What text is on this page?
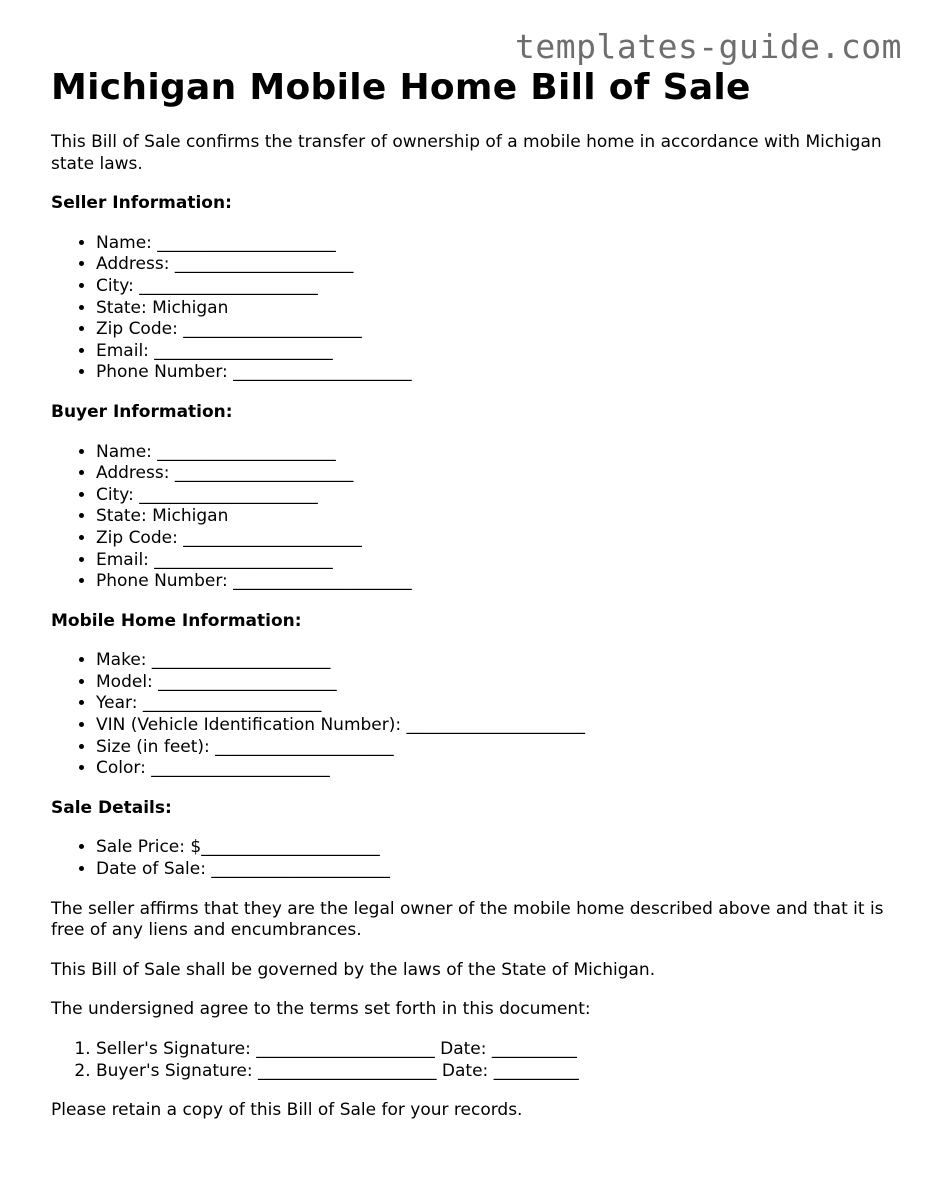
templates-guide.com
Michigan Mobile Home Bill of Sale

This Bill of Sale confirms the transfer of ownership of a mobile home in accordance with Michigan state laws.

Seller Information:
• Name: _____________________
• Address: _____________________
• City: _____________________
• State: Michigan
• Zip Code: _____________________
• Email: _____________________
• Phone Number: _____________________
Buyer Information:
• Name: _____________________
• Address: _____________________
• City: _____________________
• State: Michigan
• Zip Code: _____________________
• Email: _____________________
• Phone Number: _____________________
Mobile Home Information:
• Make: _____________________
• Model: _____________________
• Year: _____________________
• VIN (Vehicle Identification Number): _____________________
• Size (in feet): _____________________
• Color: _____________________
Sale Details:
• Sale Price: $_____________________
• Date of Sale: _____________________

The seller affirms that they are the legal owner of the mobile home described above and that it is free of any liens and encumbrances.

This Bill of Sale shall be governed by the laws of the State of Michigan.

The undersigned agree to the terms set forth in this document:

1. Seller's Signature: _____________________ Date: __________
2. Buyer's Signature: _____________________ Date: __________

Please retain a copy of this Bill of Sale for your records.
